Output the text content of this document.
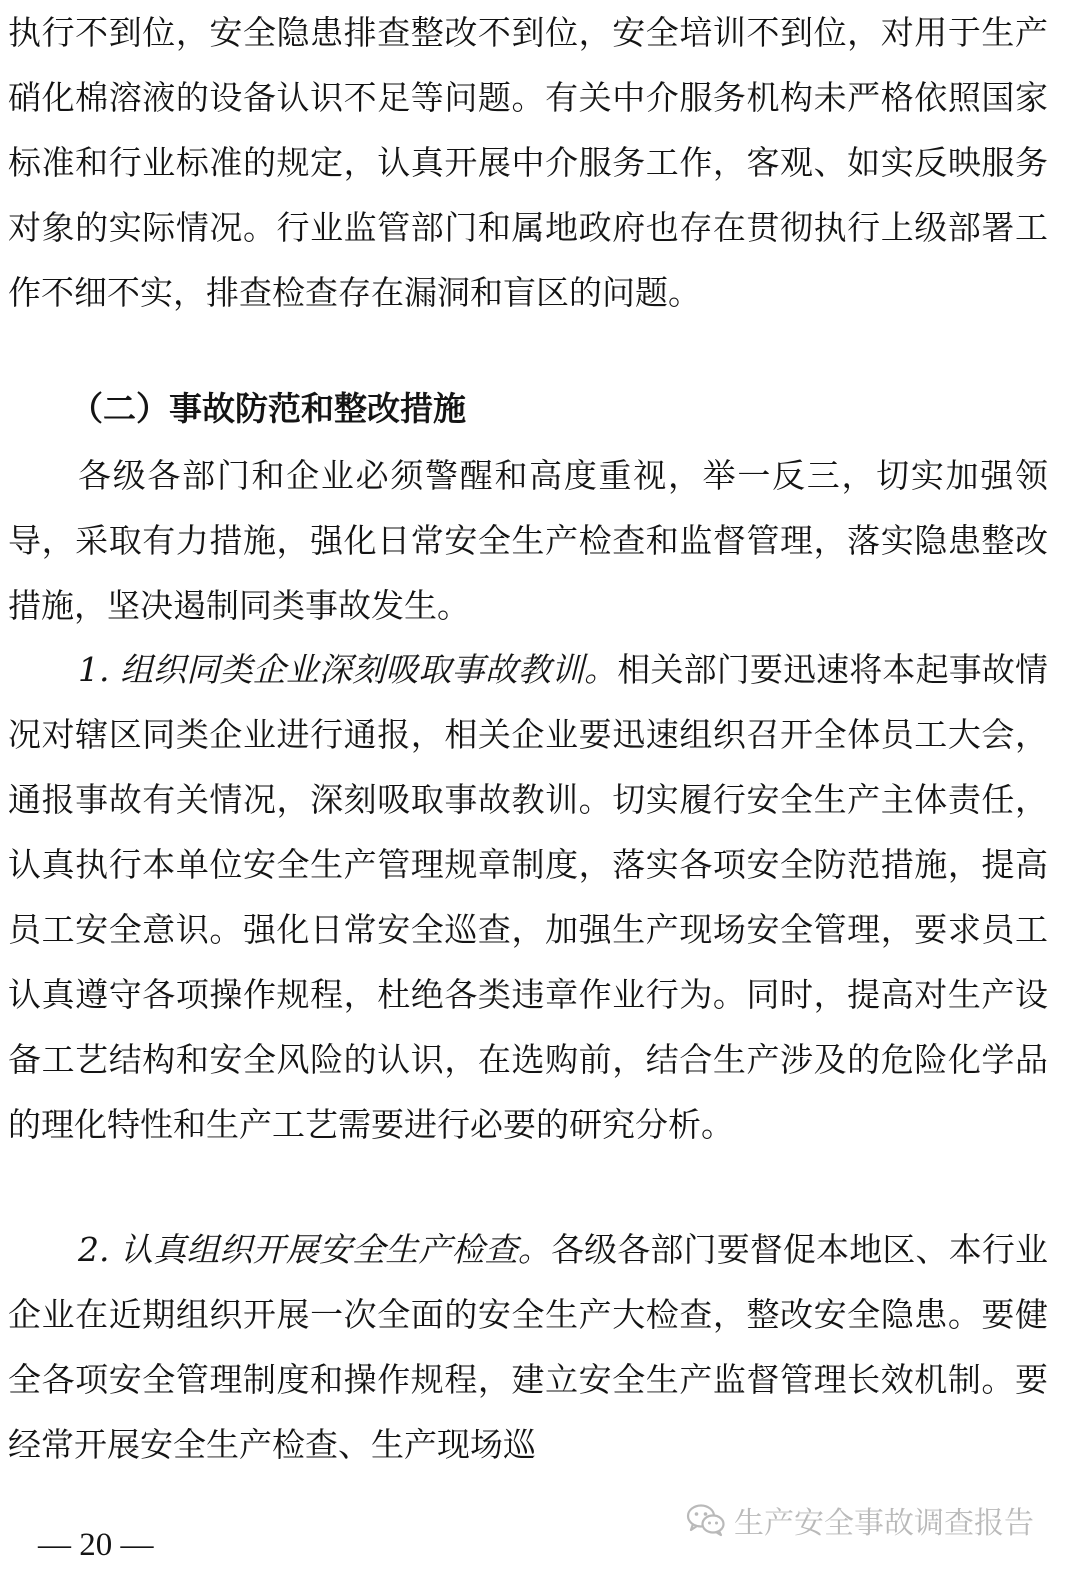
执行不到位，安全隐患排查整改不到位，安全培训不到位，对用于生产硝化棉溶液的设备认识不足等问题。有关中介服务机构未严格依照国家标准和行业标准的规定，认真开展中介服务工作，客观、如实反映服务对象的实际情况。行业监管部门和属地政府也存在贯彻执行上级部署工作不细不实，排查检查存在漏洞和盲区的问题。

（二）事故防范和整改措施

各级各部门和企业必须警醒和高度重视，举一反三，切实加强领导，采取有力措施，强化日常安全生产检查和监督管理，落实隐患整改措施，坚决遏制同类事故发生。

1. 组织同类企业深刻吸取事故教训。相关部门要迅速将本起事故情况对辖区同类企业进行通报，相关企业要迅速组织召开全体员工大会，通报事故有关情况，深刻吸取事故教训。切实履行安全生产主体责任，认真执行本单位安全生产管理规章制度，落实各项安全防范措施，提高员工安全意识。强化日常安全巡查，加强生产现场安全管理，要求员工认真遵守各项操作规程，杜绝各类违章作业行为。同时，提高对生产设备工艺结构和安全风险的认识，在选购前，结合生产涉及的危险化学品的理化特性和生产工艺需要进行必要的研究分析。

2. 认真组织开展安全生产检查。各级各部门要督促本地区、本行业企业在近期组织开展一次全面的安全生产大检查，整改安全隐患。要健全各项安全管理制度和操作规程，建立安全生产监督管理长效机制。要经常开展安全生产检查、生产现场巡

生产安全事故调查报告
— 20 —
